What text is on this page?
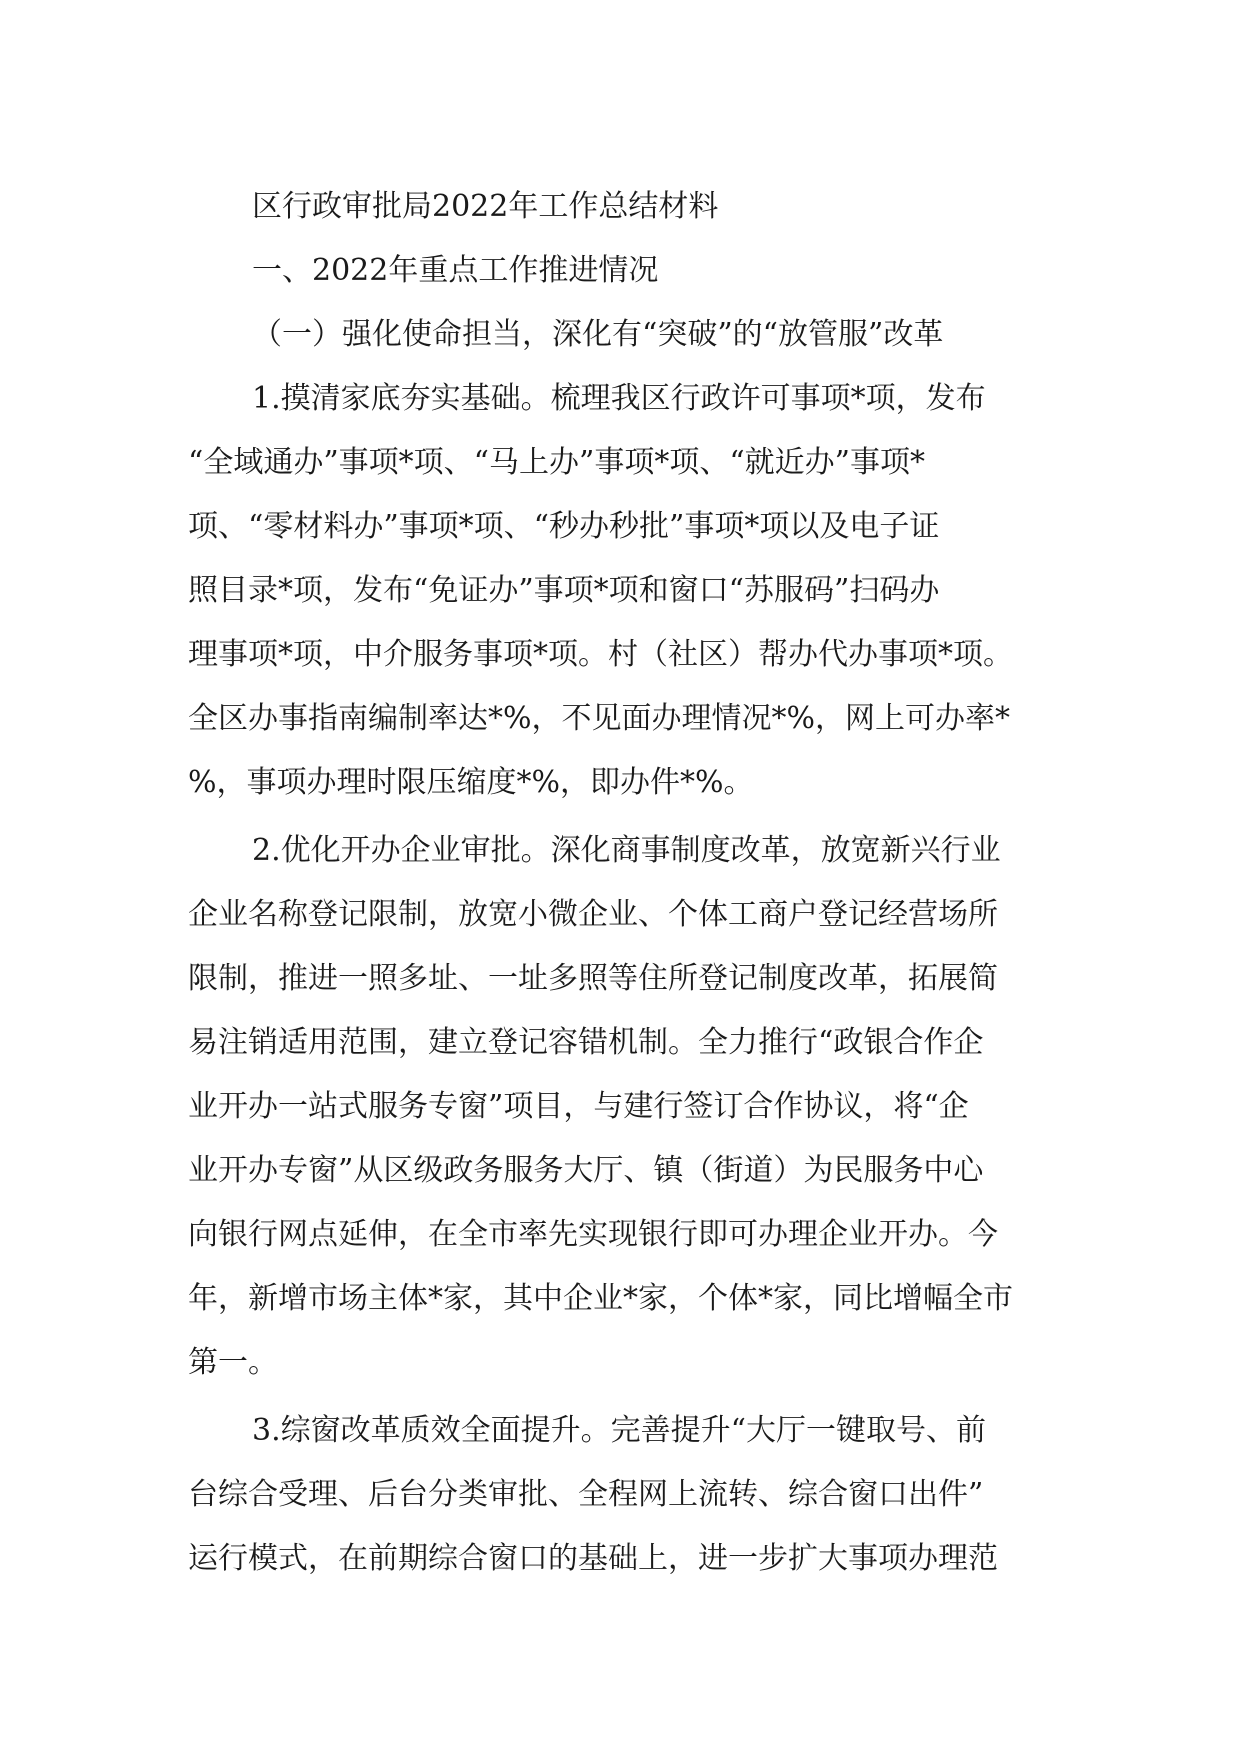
区行政审批局2022年工作总结材料
一、2022年重点工作推进情况
（一）强化使命担当，深化有“突破”的“放管服”改革
1.摸清家底夯实基础。梳理我区行政许可事项*项，发布
“全域通办”事项*项、“马上办”事项*项、“就近办”事项*
项、“零材料办”事项*项、“秒办秒批”事项*项以及电子证
照目录*项，发布“免证办”事项*项和窗口“苏服码”扫码办
理事项*项，中介服务事项*项。村（社区）帮办代办事项*项。
全区办事指南编制率达*%，不见面办理情况*%，网上可办率*
%，事项办理时限压缩度*%，即办件*%。
2.优化开办企业审批。深化商事制度改革，放宽新兴行业
企业名称登记限制，放宽小微企业、个体工商户登记经营场所
限制，推进一照多址、一址多照等住所登记制度改革，拓展简
易注销适用范围，建立登记容错机制。全力推行“政银合作企
业开办一站式服务专窗”项目，与建行签订合作协议，将“企
业开办专窗”从区级政务服务大厅、镇（街道）为民服务中心
向银行网点延伸，在全市率先实现银行即可办理企业开办。今
年，新增市场主体*家，其中企业*家，个体*家，同比增幅全市
第一。
3.综窗改革质效全面提升。完善提升“大厅一键取号、前
台综合受理、后台分类审批、全程网上流转、综合窗口出件”
运行模式，在前期综合窗口的基础上，进一步扩大事项办理范
